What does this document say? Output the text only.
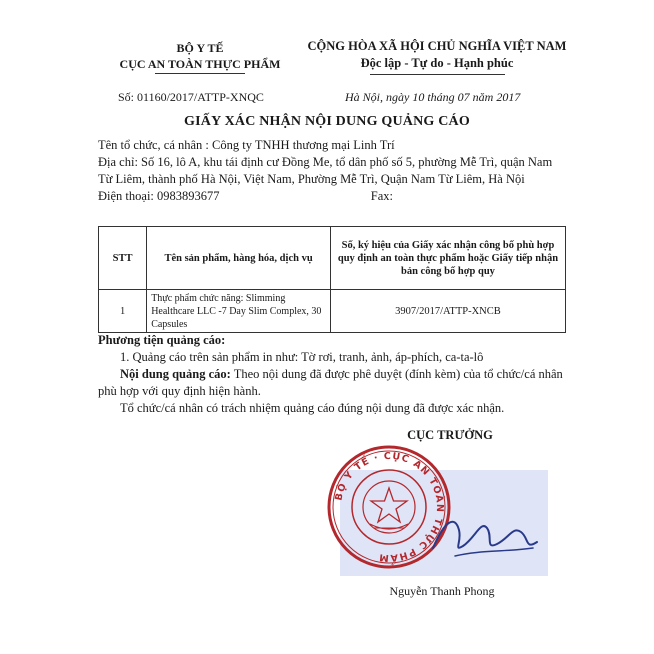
BỘ Y TẾ
CỤC AN TOÀN THỰC PHẨM
CỘNG HÒA XÃ HỘI CHỦ NGHĨA VIỆT NAM
Độc lập - Tự do - Hạnh phúc
Số: 01160/2017/ATTP-XNQC	Hà Nội, ngày 10 tháng 07 năm 2017
GIẤY XÁC NHẬN NỘI DUNG QUẢNG CÁO

Tên tổ chức, cá nhân : Công ty TNHH thương mại Linh Trí

Địa chỉ: Số 16, lô A, khu tái định cư Đồng Me, tổ dân phố số 5, phường Mễ Trì, quận Nam Từ Liêm, thành phố Hà Nội, Việt Nam, Phường Mễ Trì, Quận Nam Từ Liêm, Hà Nội

Điện thoại: 0983893677	Fax:
STT	Tên sản phẩm, hàng hóa, dịch vụ	Số, ký hiệu của Giấy xác nhận công bố phù hợp quy định an toàn thực phẩm hoặc Giấy tiếp nhận bản công bố hợp quy
1	Thực phẩm chức năng: Slimming Healthcare LLC -7 Day Slim Complex, 30 Capsules	3907/2017/ATTP-XNCB

Phương tiện quảng cáo:

1. Quảng cáo trên sản phẩm in như: Tờ rơi, tranh, ảnh, áp-phích, ca-ta-lô

Nội dung quảng cáo: Theo nội dung đã được phê duyệt (đính kèm) của tổ chức/cá nhân phù hợp với quy định hiện hành.

Tổ chức/cá nhân có trách nhiệm quảng cáo đúng nội dung đã được xác nhận.

CỤC TRƯỞNG
BỘ Y TẾ · CỤC AN TOÀN THỰC PHẨM
Nguyễn Thanh Phong
